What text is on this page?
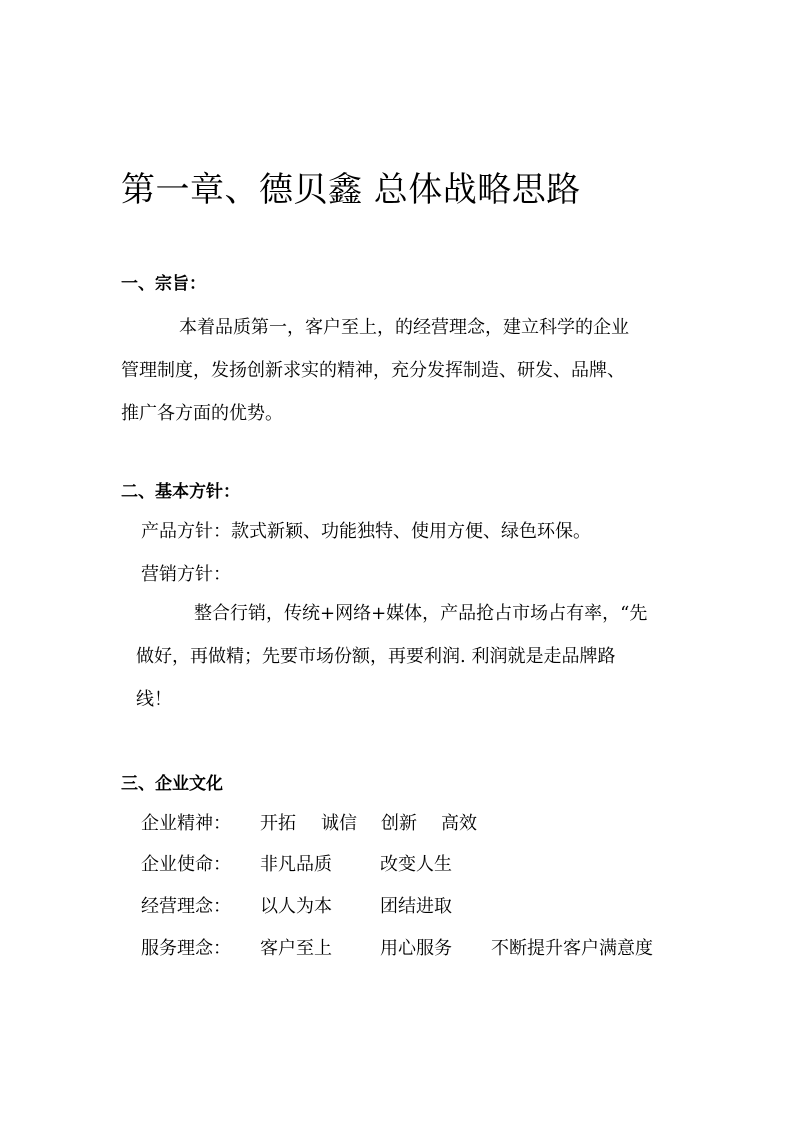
第一章、德贝鑫 总体战略思路
一、宗旨：
本着品质第一，客户至上，的经营理念，建立科学的企业
管理制度，发扬创新求实的精神，充分发挥制造、研发、品牌、
推广各方面的优势。
二、基本方针：
产品方针：款式新颖、功能独特、使用方便、绿色环保。
营销方针：
整合行销，传统+网络+媒体，产品抢占市场占有率，“先
做好，再做精；先要市场份额，再要利润. 利润就是走品牌路
线！
三、企业文化
企业精神： 开拓 诚信 创新 高效
企业使命： 非凡品质	改变人生
经营理念： 以人为本	团结进取
服务理念： 客户至上	用心服务 不断提升客户满意度
